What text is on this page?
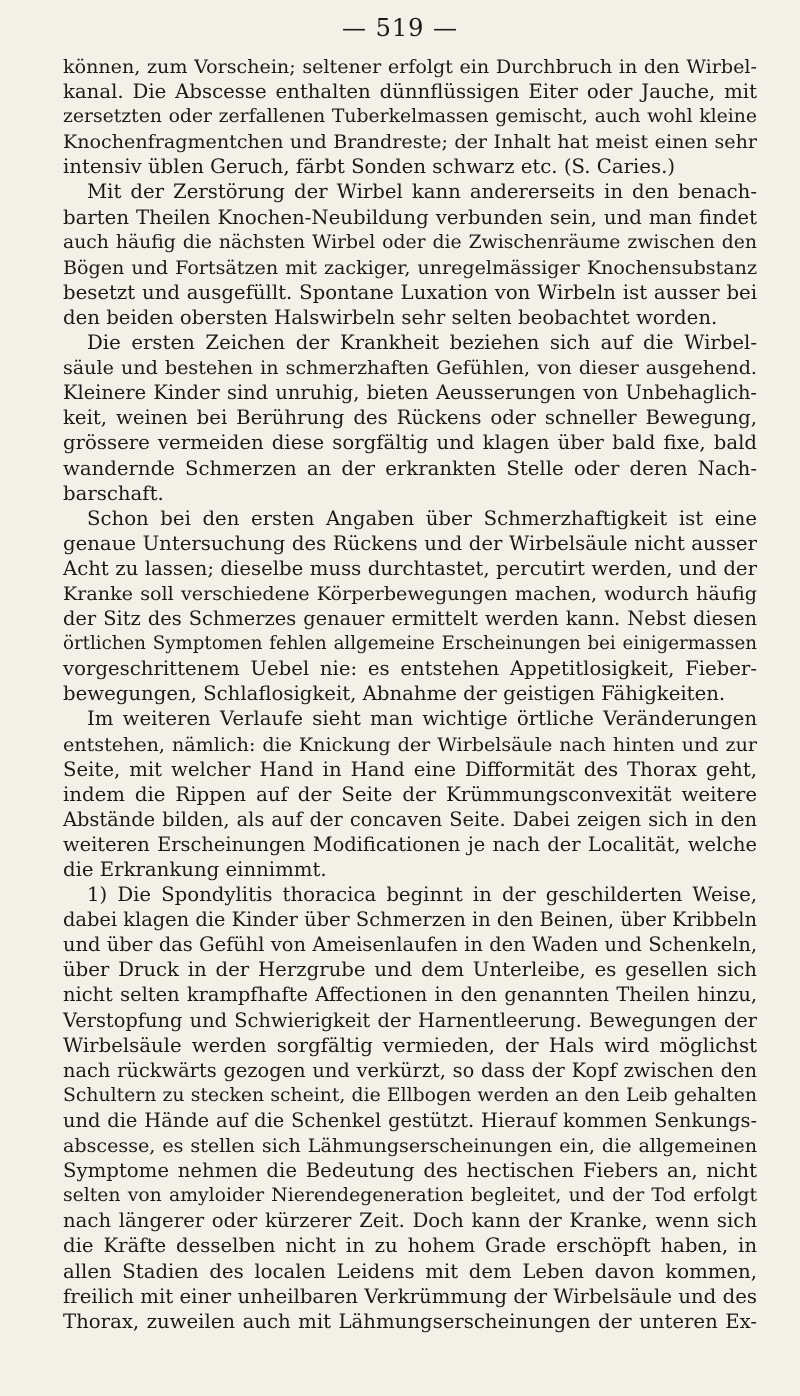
— 519 —
können, zum Vorschein; seltener erfolgt ein Durchbruch in den Wirbel-
kanal. Die Abscesse enthalten dünnflüssigen Eiter oder Jauche, mit
zersetzten oder zerfallenen Tuberkelmassen gemischt, auch wohl kleine
Knochenfragmentchen und Brandreste; der Inhalt hat meist einen sehr
intensiv üblen Geruch, färbt Sonden schwarz etc. (S. Caries.)
Mit der Zerstörung der Wirbel kann andererseits in den benach-
barten Theilen Knochen-Neubildung verbunden sein, und man findet
auch häufig die nächsten Wirbel oder die Zwischenräume zwischen den
Bögen und Fortsätzen mit zackiger, unregelmässiger Knochensubstanz
besetzt und ausgefüllt. Spontane Luxation von Wirbeln ist ausser bei
den beiden obersten Halswirbeln sehr selten beobachtet worden.
Die ersten Zeichen der Krankheit beziehen sich auf die Wirbel-
säule und bestehen in schmerzhaften Gefühlen, von dieser ausgehend.
Kleinere Kinder sind unruhig, bieten Aeusserungen von Unbehaglich-
keit, weinen bei Berührung des Rückens oder schneller Bewegung,
grössere vermeiden diese sorgfältig und klagen über bald fixe, bald
wandernde Schmerzen an der erkrankten Stelle oder deren Nach-
barschaft.
Schon bei den ersten Angaben über Schmerzhaftigkeit ist eine
genaue Untersuchung des Rückens und der Wirbelsäule nicht ausser
Acht zu lassen; dieselbe muss durchtastet, percutirt werden, und der
Kranke soll verschiedene Körperbewegungen machen, wodurch häufig
der Sitz des Schmerzes genauer ermittelt werden kann. Nebst diesen
örtlichen Symptomen fehlen allgemeine Erscheinungen bei einigermassen
vorgeschrittenem Uebel nie: es entstehen Appetitlosigkeit, Fieber-
bewegungen, Schlaflosigkeit, Abnahme der geistigen Fähigkeiten.
Im weiteren Verlaufe sieht man wichtige örtliche Veränderungen
entstehen, nämlich: die Knickung der Wirbelsäule nach hinten und zur
Seite, mit welcher Hand in Hand eine Difformität des Thorax geht,
indem die Rippen auf der Seite der Krümmungsconvexität weitere
Abstände bilden, als auf der concaven Seite. Dabei zeigen sich in den
weiteren Erscheinungen Modificationen je nach der Localität, welche
die Erkrankung einnimmt.
1) Die Spondylitis thoracica beginnt in der geschilderten Weise,
dabei klagen die Kinder über Schmerzen in den Beinen, über Kribbeln
und über das Gefühl von Ameisenlaufen in den Waden und Schenkeln,
über Druck in der Herzgrube und dem Unterleibe, es gesellen sich
nicht selten krampfhafte Affectionen in den genannten Theilen hinzu,
Verstopfung und Schwierigkeit der Harnentleerung. Bewegungen der
Wirbelsäule werden sorgfältig vermieden, der Hals wird möglichst
nach rückwärts gezogen und verkürzt, so dass der Kopf zwischen den
Schultern zu stecken scheint, die Ellbogen werden an den Leib gehalten
und die Hände auf die Schenkel gestützt. Hierauf kommen Senkungs-
abscesse, es stellen sich Lähmungserscheinungen ein, die allgemeinen
Symptome nehmen die Bedeutung des hectischen Fiebers an, nicht
selten von amyloider Nierendegeneration begleitet, und der Tod erfolgt
nach längerer oder kürzerer Zeit. Doch kann der Kranke, wenn sich
die Kräfte desselben nicht in zu hohem Grade erschöpft haben, in
allen Stadien des localen Leidens mit dem Leben davon kommen,
freilich mit einer unheilbaren Verkrümmung der Wirbelsäule und des
Thorax, zuweilen auch mit Lähmungserscheinungen der unteren Ex-
